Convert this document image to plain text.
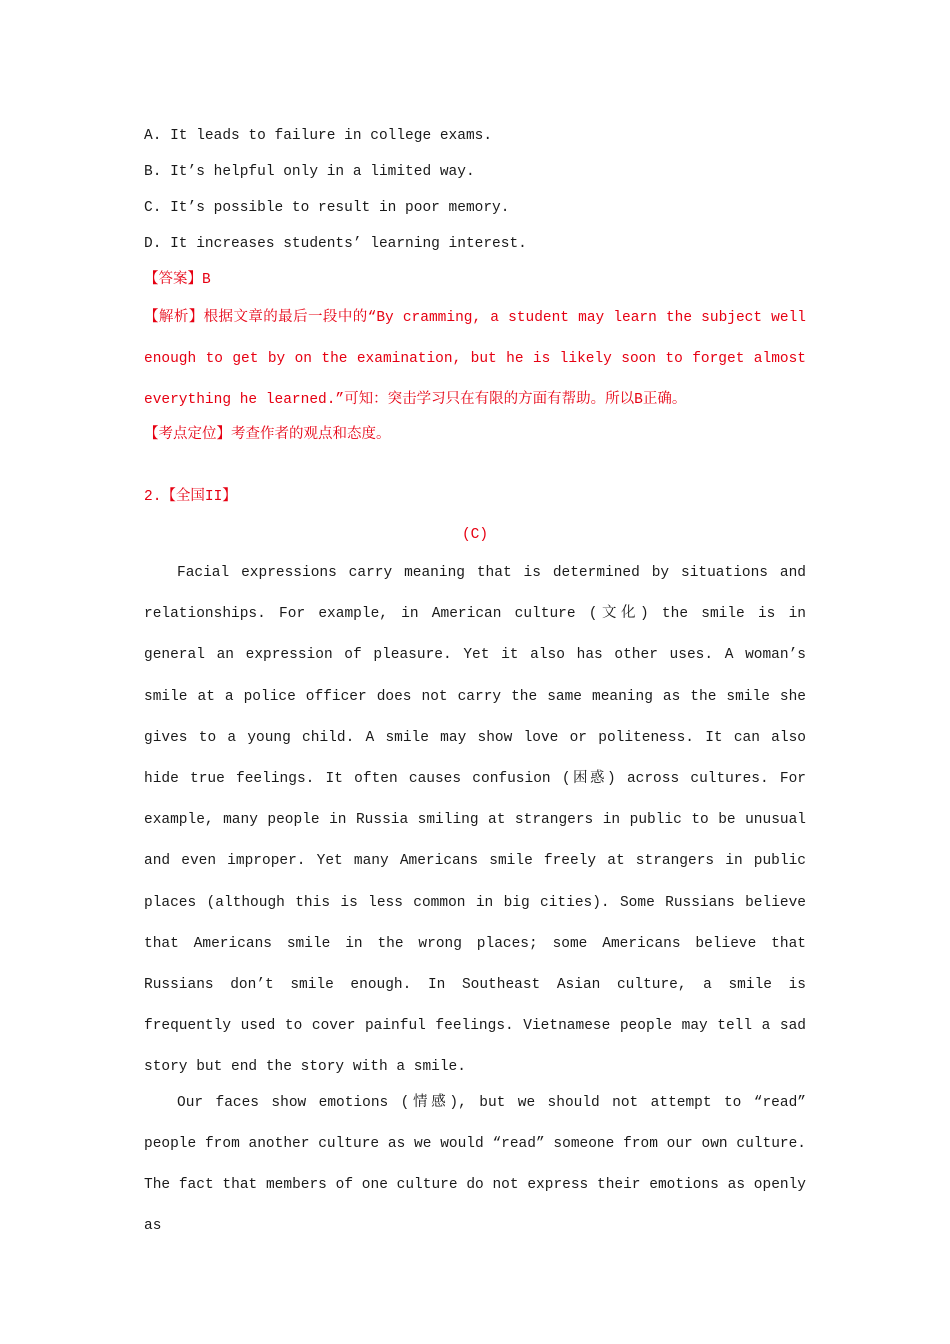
A. It leads to failure in college exams.
B. It’s helpful only in a limited way.
C. It’s possible to result in poor memory.
D. It increases students’ learning interest.
【答案】B
【解析】根据文章的最后一段中的“By cramming, a student may learn the subject well enough to get by on the examination, but he is likely soon to forget almost everything he learned.”可知：突击学习只在有限的方面有帮助。所以B正确。
【考点定位】考查作者的观点和态度。
2.【全国II】
(C)

Facial expressions carry meaning that is determined by situations and relationships. For example, in American culture (文化) the smile is in general an expression of pleasure. Yet it also has other uses. A woman’s smile at a police officer does not carry the same meaning as the smile she gives to a young child. A smile may show love or politeness. It can also hide true feelings. It often causes confusion (困惑) across cultures. For example, many people in Russia smiling at strangers in public to be unusual and even improper. Yet many Americans smile freely at strangers in public places (although this is less common in big cities). Some Russians believe that Americans smile in the wrong places; some Americans believe that Russians don’t smile enough. In Southeast Asian culture, a smile is frequently used to cover painful feelings. Vietnamese people may tell a sad story but end the story with a smile.

Our faces show emotions (情感), but we should not attempt to “read” people from another culture as we would “read” someone from our own culture. The fact that members of one culture do not express their emotions as openly as
